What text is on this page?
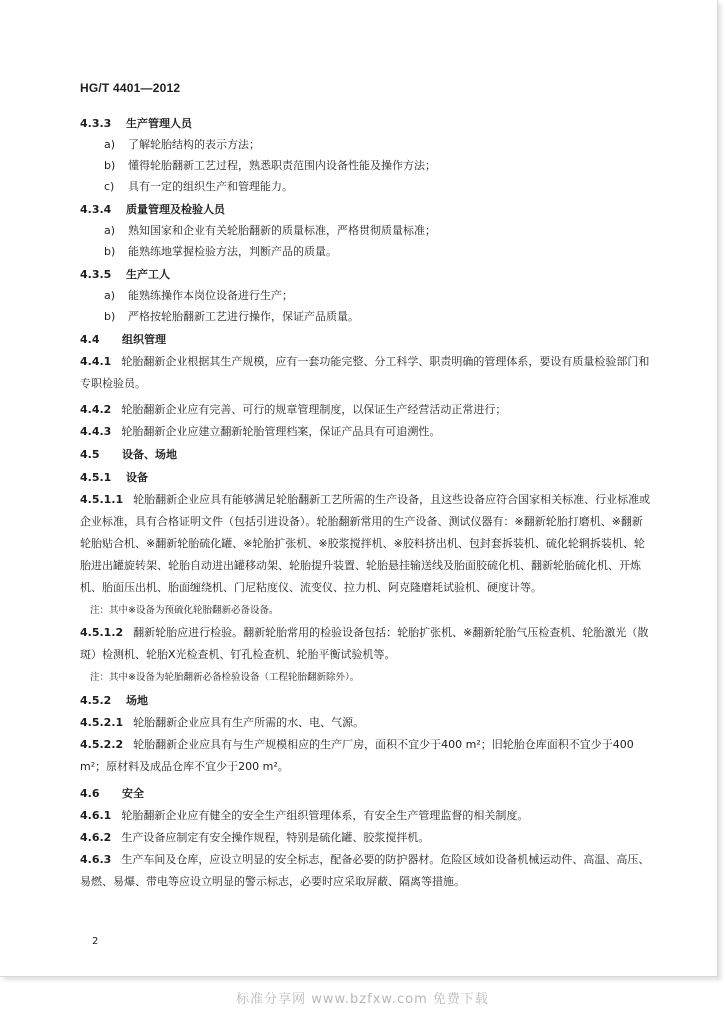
HG/T 4401—2012
4.3.3 生产管理人员
a) 了解轮胎结构的表示方法；
b) 懂得轮胎翻新工艺过程，熟悉职责范围内设备性能及操作方法；
c) 具有一定的组织生产和管理能力。
4.3.4 质量管理及检验人员
a) 熟知国家和企业有关轮胎翻新的质量标准，严格贯彻质量标准；
b) 能熟练地掌握检验方法，判断产品的质量。
4.3.5 生产工人
a) 能熟练操作本岗位设备进行生产；
b) 严格按轮胎翻新工艺进行操作，保证产品质量。
4.4 组织管理
4.4.1 轮胎翻新企业根据其生产规模，应有一套功能完整、分工科学、职责明确的管理体系，要设有质量检验部门和专职检验员。
4.4.2 轮胎翻新企业应有完善、可行的规章管理制度，以保证生产经营活动正常进行；
4.4.3 轮胎翻新企业应建立翻新轮胎管理档案，保证产品具有可追溯性。
4.5 设备、场地
4.5.1 设备
4.5.1.1 轮胎翻新企业应具有能够满足轮胎翻新工艺所需的生产设备，且这些设备应符合国家相关标准、行业标准或企业标准，具有合格证明文件（包括引进设备）。轮胎翻新常用的生产设备、测试仪器有：※翻新轮胎打磨机、※翻新轮胎贴合机、※翻新轮胎硫化罐、※轮胎扩张机、※胶浆搅拌机、※胶料挤出机、包封套拆装机、硫化轮辋拆装机、轮胎进出罐旋转架、轮胎自动进出罐移动架、轮胎提升装置、轮胎悬挂输送线及胎面胶硫化机、翻新轮胎硫化机、开炼机、胎面压出机、胎面缠绕机、门尼粘度仪、流变仪、拉力机、阿克隆磨耗试验机、硬度计等。
注：其中※设备为预硫化轮胎翻新必备设备。
4.5.1.2 翻新轮胎应进行检验。翻新轮胎常用的检验设备包括：轮胎扩张机、※翻新轮胎气压检查机、轮胎激光（散斑）检测机、轮胎X光检查机、钉孔检查机、轮胎平衡试验机等。
注：其中※设备为轮胎翻新必备检验设备（工程轮胎翻新除外）。
4.5.2 场地
4.5.2.1 轮胎翻新企业应具有生产所需的水、电、气源。
4.5.2.2 轮胎翻新企业应具有与生产规模相应的生产厂房，面积不宜少于400 m²；旧轮胎仓库面积不宜少于400 m²；原材料及成品仓库不宜少于200 m²。
4.6 安全
4.6.1 轮胎翻新企业应有健全的安全生产组织管理体系，有安全生产管理监督的相关制度。
4.6.2 生产设备应制定有安全操作规程，特别是硫化罐、胶浆搅拌机。
4.6.3 生产车间及仓库，应设立明显的安全标志，配备必要的防护器材。危险区域如设备机械运动件、高温、高压、易燃、易爆、带电等应设立明显的警示标志，必要时应采取屏蔽、隔离等措施。
2
标准分享网 www.bzfxw.com 免费下载
